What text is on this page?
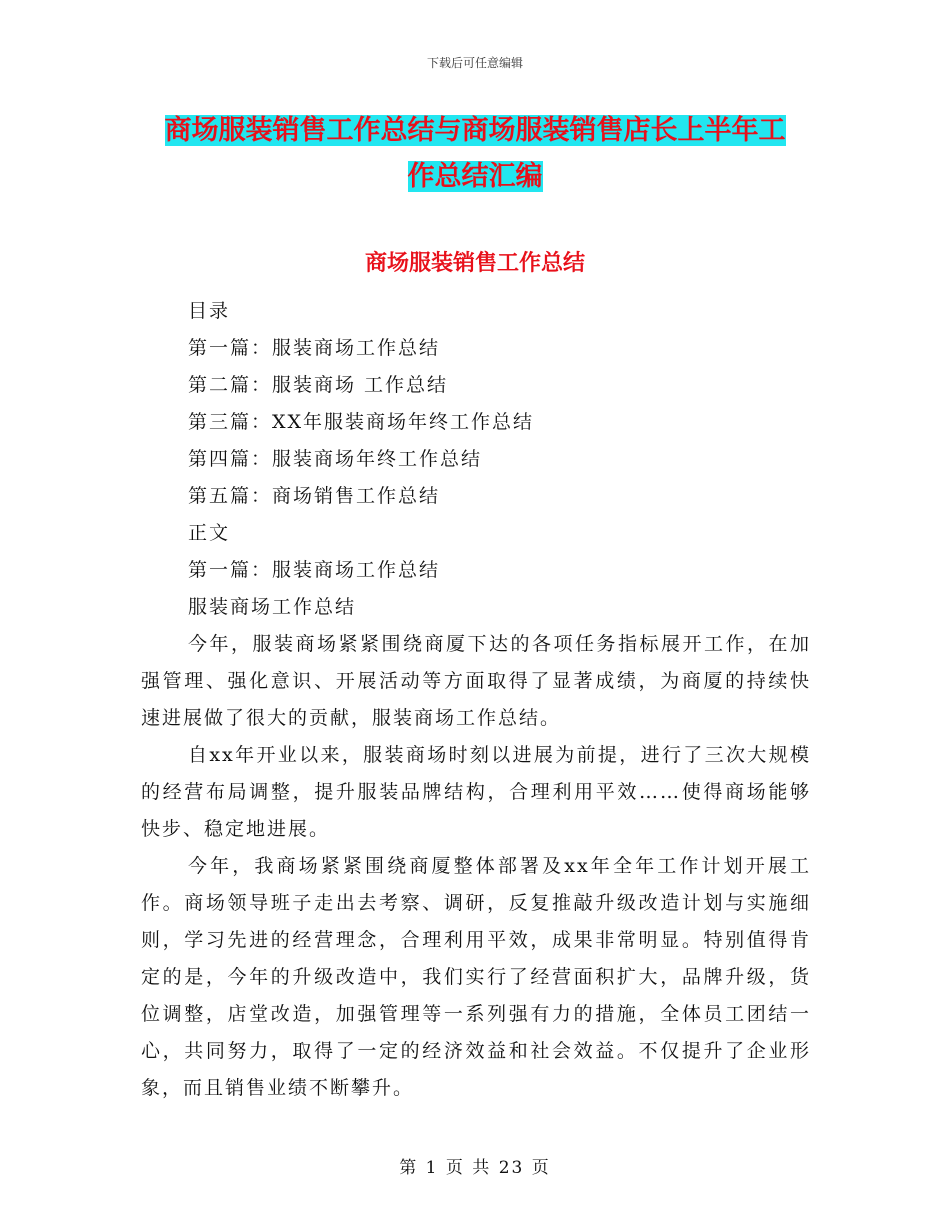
下载后可任意编辑
商场服装销售工作总结与商场服装销售店长上半年工
作总结汇编
商场服装销售工作总结
目录
第一篇：服装商场工作总结
第二篇：服装商场 工作总结
第三篇：XX年服装商场年终工作总结
第四篇：服装商场年终工作总结
第五篇：商场销售工作总结
正文
第一篇：服装商场工作总结
服装商场工作总结

今年，服装商场紧紧围绕商厦下达的各项任务指标展开工作，在加强管理、强化意识、开展活动等方面取得了显著成绩，为商厦的持续快速进展做了很大的贡献，服装商场工作总结。

自xx年开业以来，服装商场时刻以进展为前提，进行了三次大规模的经营布局调整，提升服装品牌结构，合理利用平效……使得商场能够快步、稳定地进展。

今年，我商场紧紧围绕商厦整体部署及xx年全年工作计划开展工作。商场领导班子走出去考察、调研，反复推敲升级改造计划与实施细则，学习先进的经营理念，合理利用平效，成果非常明显。特别值得肯定的是，今年的升级改造中，我们实行了经营面积扩大，品牌升级，货位调整，店堂改造，加强管理等一系列强有力的措施，全体员工团结一心，共同努力，取得了一定的经济效益和社会效益。不仅提升了企业形象，而且销售业绩不断攀升。

第 1 页 共 23 页
